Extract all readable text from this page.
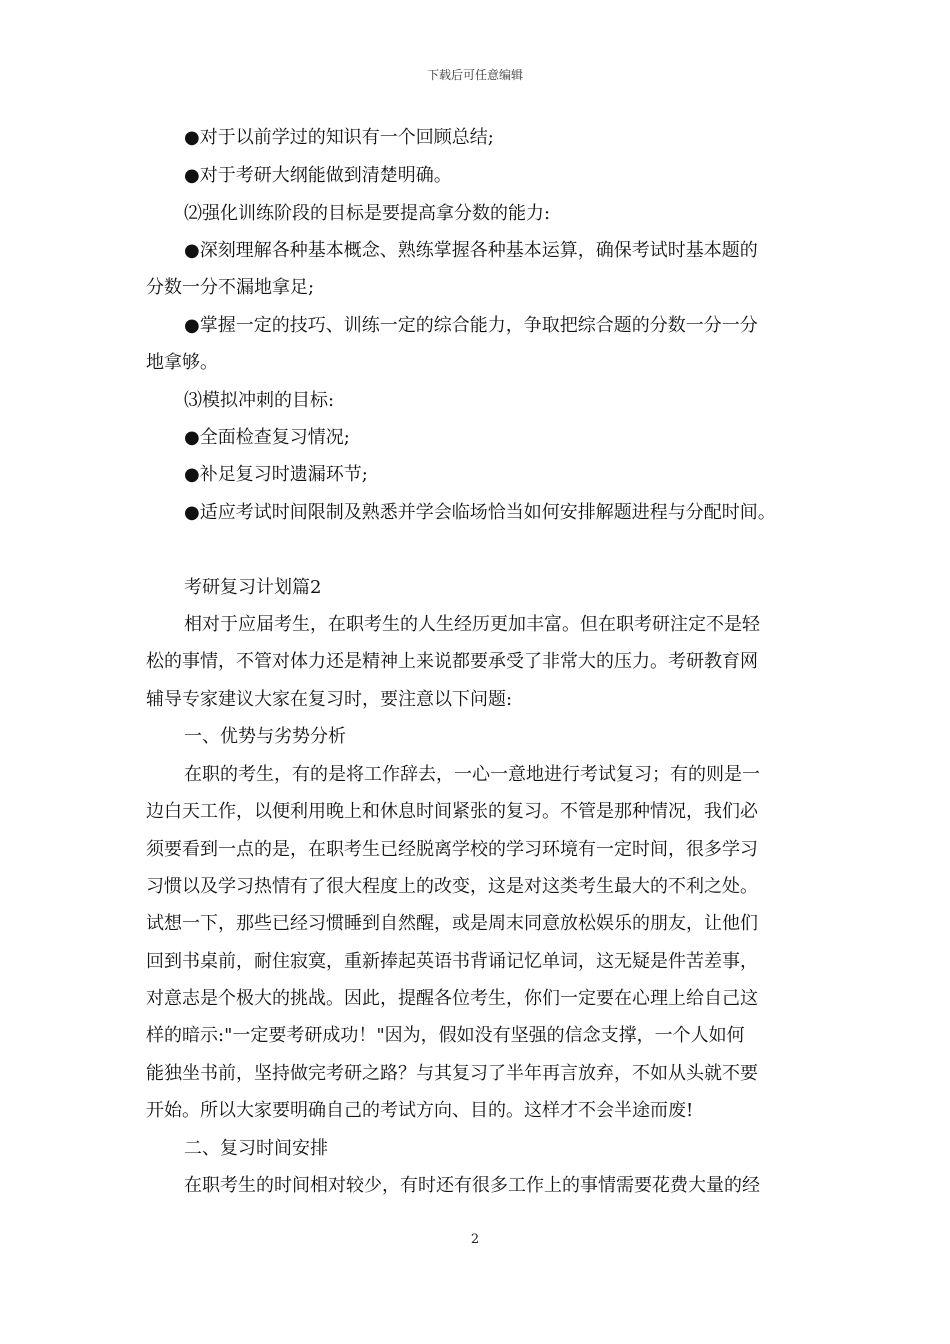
下载后可任意编辑
●对于以前学过的知识有一个回顾总结;
●对于考研大纲能做到清楚明确。
⑵强化训练阶段的目标是要提高拿分数的能力:
●深刻理解各种基本概念、熟练掌握各种基本运算，确保考试时基本题的
分数一分不漏地拿足;
●掌握一定的技巧、训练一定的综合能力，争取把综合题的分数一分一分
地拿够。
⑶模拟冲刺的目标:
●全面检查复习情况;
●补足复习时遗漏环节;
●适应考试时间限制及熟悉并学会临场恰当如何安排解题进程与分配时间。
考研复习计划篇2
相对于应届考生，在职考生的人生经历更加丰富。但在职考研注定不是轻
松的事情，不管对体力还是精神上来说都要承受了非常大的压力。考研教育网
辅导专家建议大家在复习时，要注意以下问题:
一、优势与劣势分析
在职的考生，有的是将工作辞去，一心一意地进行考试复习；有的则是一
边白天工作，以便利用晚上和休息时间紧张的复习。不管是那种情况，我们必
须要看到一点的是，在职考生已经脱离学校的学习环境有一定时间，很多学习
习惯以及学习热情有了很大程度上的改变，这是对这类考生最大的不利之处。
试想一下，那些已经习惯睡到自然醒，或是周末同意放松娱乐的朋友，让他们
回到书桌前，耐住寂寞，重新捧起英语书背诵记忆单词，这无疑是件苦差事，
对意志是个极大的挑战。因此，提醒各位考生，你们一定要在心理上给自己这
样的暗示:"一定要考研成功！"因为，假如没有坚强的信念支撑，一个人如何
能独坐书前，坚持做完考研之路？与其复习了半年再言放弃，不如从头就不要
开始。所以大家要明确自己的考试方向、目的。这样才不会半途而废!
二、复习时间安排
在职考生的时间相对较少，有时还有很多工作上的事情需要花费大量的经
2
